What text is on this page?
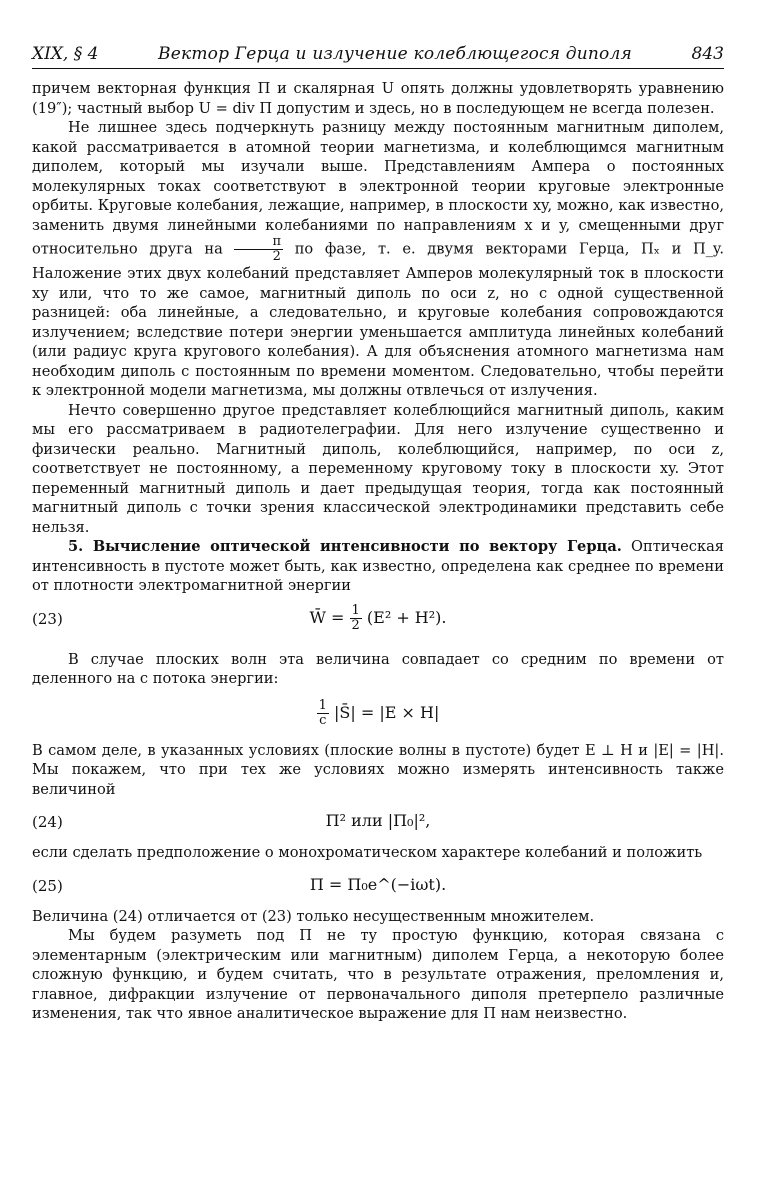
XIX, § 4	Вектор Герца и излучение колеблющегося диполя	843

причем векторная функция П и скалярная U опять должны удовлетворять уравнению (19″); частный выбор U = div П допустим и здесь, но в последующем не всегда полезен.

Не лишнее здесь подчеркнуть разницу между постоянным магнитным диполем, какой рассматривается в атомной теории магнетизма, и колеблющимся магнитным диполем, который мы изучали выше. Представлениям Ампера о постоянных молекулярных токах соответствуют в электронной теории круговые электронные орбиты. Круговые колебания, лежащие, например, в плоскости xy, можно, как известно, заменить двумя линейными колебаниями по направлениям x и y, смещенными друг относительно друга на $\frac{\pi}{2}$ по фазе, т. е. двумя векторами Герца, Пₓ и П_y. Наложение этих двух колебаний представляет Амперов молекулярный ток в плоскости xy или, что то же самое, магнитный диполь по оси z, но с одной существенной разницей: оба линейные, а следовательно, и круговые колебания сопровождаются излучением; вследствие потери энергии уменьшается амплитуда линейных колебаний (или радиус круга кругового колебания). А для объяснения атомного магнетизма нам необходим диполь с постоянным по времени моментом. Следовательно, чтобы перейти к электронной модели магнетизма, мы должны отвлечься от излучения.

Нечто совершенно другое представляет колеблющийся магнитный диполь, каким мы его рассматриваем в радиотелеграфии. Для него излучение существенно и физически реально. Магнитный диполь, колеблющийся, например, по оси z, соответствует не постоянному, а переменному круговому току в плоскости xy. Этот переменный магнитный диполь и дает предыдущая теория, тогда как постоянный магнитный диполь с точки зрения классической электродинамики представить себе нельзя.

5. Вычисление оптической интенсивности по вектору Герца. Оптическая интенсивность в пустоте может быть, как известно, определена как среднее по времени от плотности электромагнитной энергии

(23)	W̄ = $\frac{1}{2} (E^2 + H^2)$.

В случае плоских волн эта величина совпадает со средним по времени от деленного на c потока энергии:

$\frac{1}{c}$ |S̄| = |E × H|

В самом деле, в указанных условиях (плоские волны в пустоте) будет E ⊥ H и |E| = |H|. Мы покажем, что при тех же условиях можно измерять интенсивность также величиной

(24)	П² или |П₀|²,

если сделать предположение о монохроматическом характере колебаний и положить

(25)	П = П₀e^(−iωt).

Величина (24) отличается от (23) только несущественным множителем.

Мы будем разуметь под П не ту простую функцию, которая связана с элементарным (электрическим или магнитным) диполем Герца, а некоторую более сложную функцию, и будем считать, что в результате отражения, преломления и, главное, дифракции излучение от первоначального диполя претерпело различные изменения, так что явное аналитическое выражение для П нам неизвестно.
